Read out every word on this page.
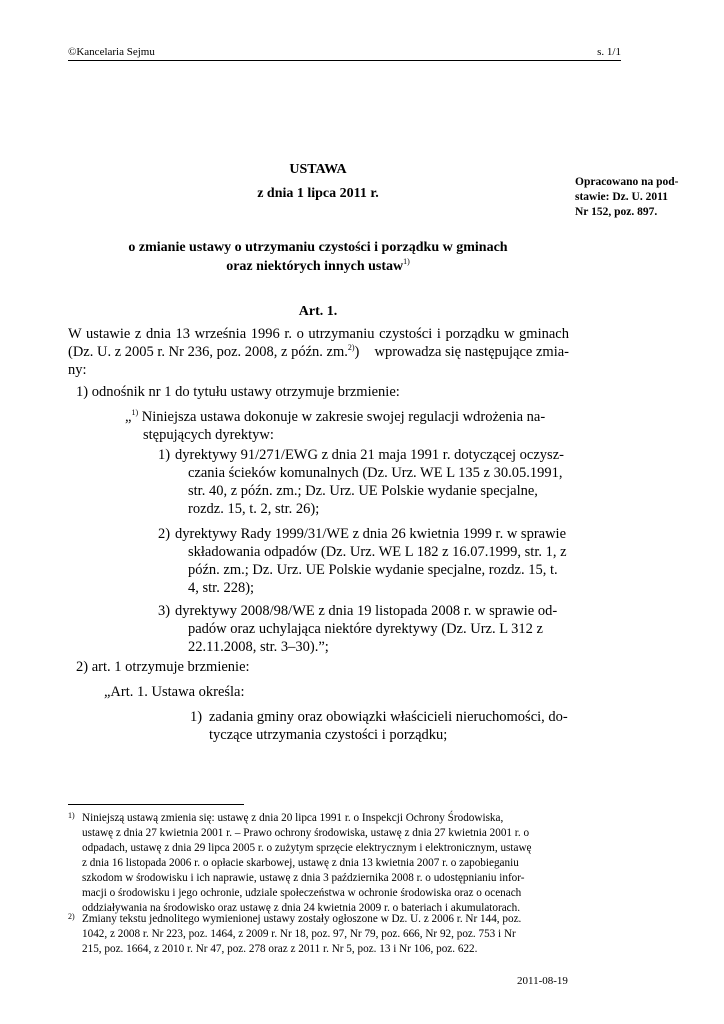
©Kancelaria Sejmu	s. 1/1
USTAWA
z dnia 1 lipca 2011 r.
Opracowano na pod-
stawie: Dz. U. 2011
Nr 152, poz. 897.
o zmianie ustawy o utrzymaniu czystości i porządku w gminach
oraz niektórych innych ustaw$^{1)}$
Art. 1.

W ustawie z dnia 13 września 1996 r. o utrzymaniu czystości i porządku w gminach

(Dz. U. z 2005 r. Nr 236, poz. 2008, z późn. zm.$^{2)}$) wprowadza się następujące zmia-

ny:

1) odnośnik nr 1 do tytułu ustawy otrzymuje brzmienie:
„$^{1)}$ Niniejsza ustawa dokonuje w zakresie swojej regulacji wdrożenia na-
stępujących dyrektyw:
1) dyrektywy 91/271/EWG z dnia 21 maja 1991 r. dotyczącej oczysz-
czania ścieków komunalnych (Dz. Urz. WE L 135 z 30.05.1991,
str. 40, z późn. zm.; Dz. Urz. UE Polskie wydanie specjalne,
rozdz. 15, t. 2, str. 26);
2) dyrektywy Rady 1999/31/WE z dnia 26 kwietnia 1999 r. w sprawie
składowania odpadów (Dz. Urz. WE L 182 z 16.07.1999, str. 1, z
późn. zm.; Dz. Urz. UE Polskie wydanie specjalne, rozdz. 15, t.
4, str. 228);
3) dyrektywy 2008/98/WE z dnia 19 listopada 2008 r. w sprawie od-
padów oraz uchylająca niektóre dyrektywy (Dz. Urz. L 312 z
22.11.2008, str. 3–30).”;
2) art. 1 otrzymuje brzmienie:
„Art. 1. Ustawa określa:
1) zadania gminy oraz obowiązki właścicieli nieruchomości, do-
tyczące utrzymania czystości i porządku;
1) Niniejszą ustawą zmienia się: ustawę z dnia 20 lipca 1991 r. o Inspekcji Ochrony Środowiska,
ustawę z dnia 27 kwietnia 2001 r. – Prawo ochrony środowiska, ustawę z dnia 27 kwietnia 2001 r. o
odpadach, ustawę z dnia 29 lipca 2005 r. o zużytym sprzęcie elektrycznym i elektronicznym, ustawę
z dnia 16 listopada 2006 r. o opłacie skarbowej, ustawę z dnia 13 kwietnia 2007 r. o zapobieganiu
szkodom w środowisku i ich naprawie, ustawę z dnia 3 października 2008 r. o udostępnianiu infor-
macji o środowisku i jego ochronie, udziale społeczeństwa w ochronie środowiska oraz o ocenach
oddziaływania na środowisko oraz ustawę z dnia 24 kwietnia 2009 r. o bateriach i akumulatorach.
2) Zmiany tekstu jednolitego wymienionej ustawy zostały ogłoszone w Dz. U. z 2006 r. Nr 144, poz.
1042, z 2008 r. Nr 223, poz. 1464, z 2009 r. Nr 18, poz. 97, Nr 79, poz. 666, Nr 92, poz. 753 i Nr
215, poz. 1664, z 2010 r. Nr 47, poz. 278 oraz z 2011 r. Nr 5, poz. 13 i Nr 106, poz. 622.
2011-08-19
